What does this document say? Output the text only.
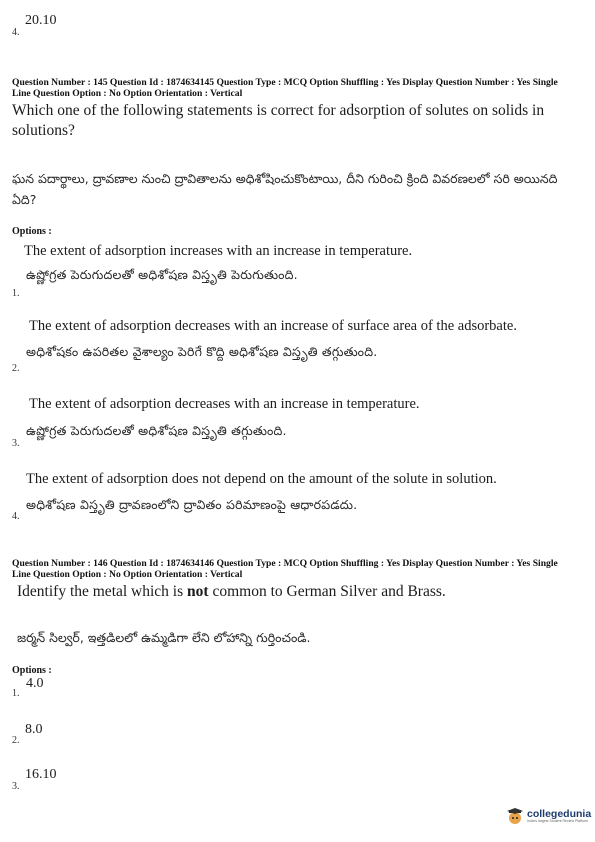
4.
20.10
Question Number : 145 Question Id : 1874634145 Question Type : MCQ Option Shuffling : Yes Display Question Number : Yes Single Line Question Option : No Option Orientation : Vertical
Which one of the following statements is correct for adsorption of solutes on solids in solutions?
ఘన పదార్థాలు, ద్రావణాల నుంచి ద్రావితాలను అధిశోషించుకొంటాయి, దీని గురించి క్రింది వివరణలలో సరి అయినది ఏది?
Options :
The extent of adsorption increases with an increase in temperature.
ఉష్ణోగ్రత పెరుగుదలతో అధిశోషణ విస్తృతి పెరుగుతుంది.
1.
The extent of adsorption decreases with an increase of surface area of the adsorbate.
అధిశోషకం ఉపరితల వైశాల్యం పెరిగే కొద్ది అధిశోషణ విస్తృతి తగ్గుతుంది.
2.
The extent of adsorption decreases with an increase in temperature.
ఉష్ణోగ్రత పెరుగుదలతో అధిశోషణ విస్తృతి తగ్గుతుంది.
3.
The extent of adsorption does not depend on the amount of the solute in solution.
అధిశోషణ విస్తృతి ద్రావణంలోని ద్రావితం పరిమాణంపై ఆధారపడదు.
4.
Question Number : 146 Question Id : 1874634146 Question Type : MCQ Option Shuffling : Yes Display Question Number : Yes Single Line Question Option : No Option Orientation : Vertical
Identify the metal which is not common to German Silver and Brass.
జర్మన్ సిల్వర్, ఇత్తడిలలో ఉమ్మడిగా లేని లోహాన్ని గుర్తించండి.
Options :
1.
4.0
2.
8.0
3.
16.10
collegedunia
India's largest Student Review Platform
